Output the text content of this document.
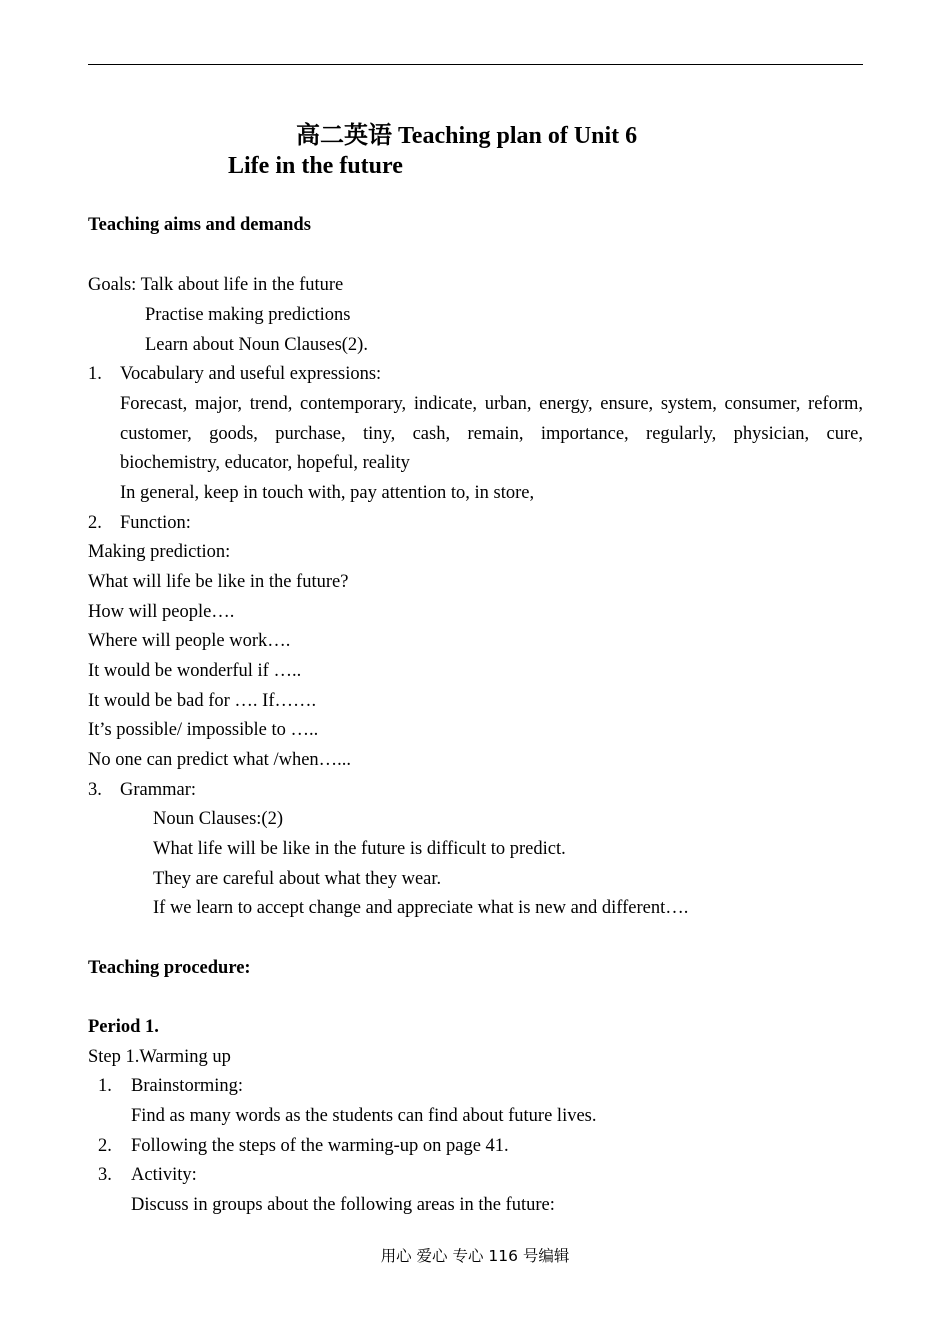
高二英语 Teaching plan of Unit 6
Life in the future
Teaching aims and demands
Goals: Talk about life in the future
Practise making predictions
Learn about Noun Clauses(2).
1. Vocabulary and useful expressions:
Forecast, major, trend, contemporary, indicate, urban, energy, ensure, system, consumer, reform,
customer, goods, purchase, tiny, cash, remain, importance, regularly, physician, cure,
biochemistry, educator, hopeful, reality
In general, keep in touch with, pay attention to, in store,
2. Function:
Making prediction:
What will life be like in the future?
How will people….
Where will people work….
It would be wonderful if …..
It would be bad for …. If…….
It’s possible/ impossible to …..
No one can predict what /when…...
3. Grammar:
Noun Clauses:(2)
What life will be like in the future is difficult to predict.
They are careful about what they wear.
If we learn to accept change and appreciate what is new and different….
Teaching procedure:
Period 1.
Step 1.Warming up
1. Brainstorming:
Find as many words as the students can find about future lives.
2. Following the steps of the warming-up on page 41.
3. Activity:
Discuss in groups about the following areas in the future:
用心 爱心 专心 116 号编辑
